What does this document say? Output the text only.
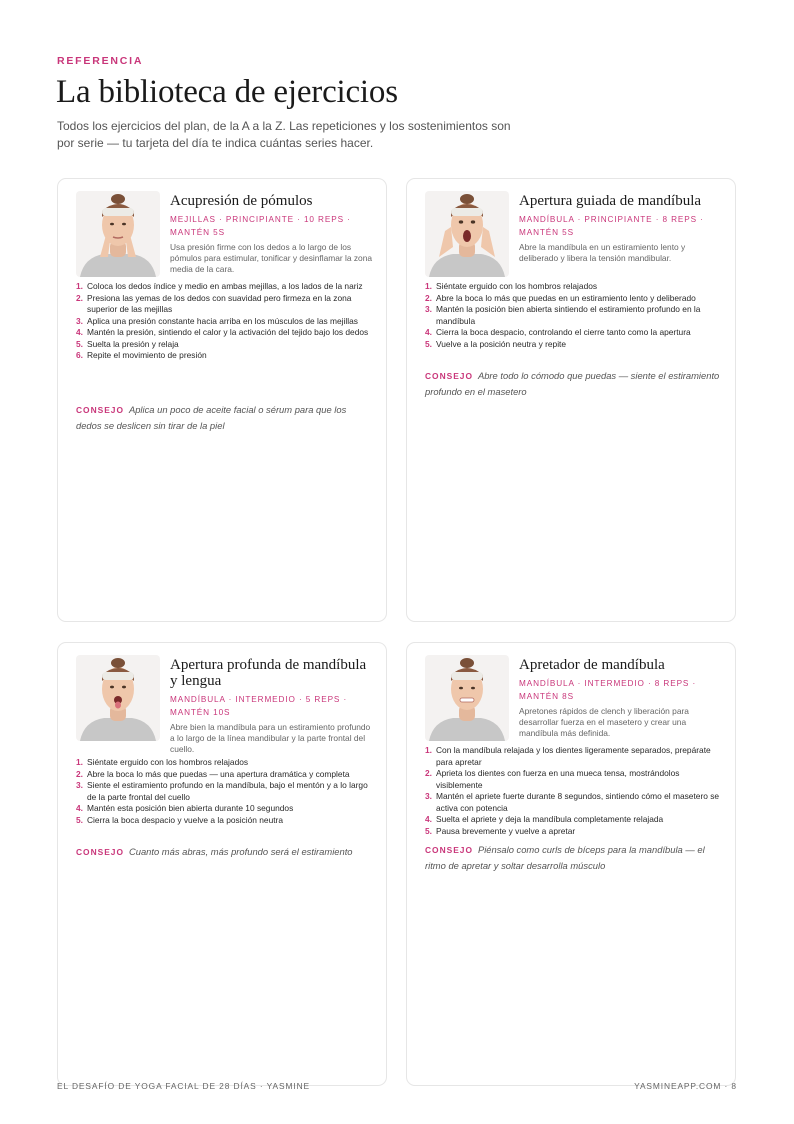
REFERENCIA
La biblioteca de ejercicios

Todos los ejercicios del plan, de la A a la Z. Las repeticiones y los sostenimientos son por serie — tu tarjeta del día te indica cuántas series hacer.

Acupresión de pómulos
MEJILLAS · PRINCIPIANTE · 10 REPS · MANTÉN 5S
Usa presión firme con los dedos a lo largo de los pómulos para estimular, tonificar y desinflamar la zona media de la cara.
1. Coloca los dedos índice y medio en ambas mejillas, a los lados de la nariz
2. Presiona las yemas de los dedos con suavidad pero firmeza en la zona superior de las mejillas
3. Aplica una presión constante hacia arriba en los músculos de las mejillas
4. Mantén la presión, sintiendo el calor y la activación del tejido bajo los dedos
5. Suelta la presión y relaja
6. Repite el movimiento de presión
CONSEJO Aplica un poco de aceite facial o sérum para que los dedos se deslicen sin tirar de la piel
Apertura guiada de mandíbula
MANDÍBULA · PRINCIPIANTE · 8 REPS · MANTÉN 5S
Abre la mandíbula en un estiramiento lento y deliberado y libera la tensión mandibular.
1. Siéntate erguido con los hombros relajados
2. Abre la boca lo más que puedas en un estiramiento lento y deliberado
3. Mantén la posición bien abierta sintiendo el estiramiento profundo en la mandíbula
4. Cierra la boca despacio, controlando el cierre tanto como la apertura
5. Vuelve a la posición neutra y repite
CONSEJO Abre todo lo cómodo que puedas — siente el estiramiento profundo en el masetero
Apertura profunda de mandíbula y lengua
MANDÍBULA · INTERMEDIO · 5 REPS · MANTÉN 10S
Abre bien la mandíbula para un estiramiento profundo a lo largo de la línea mandibular y la parte frontal del cuello.
1. Siéntate erguido con los hombros relajados
2. Abre la boca lo más que puedas — una apertura dramática y completa
3. Siente el estiramiento profundo en la mandíbula, bajo el mentón y a lo largo de la parte frontal del cuello
4. Mantén esta posición bien abierta durante 10 segundos
5. Cierra la boca despacio y vuelve a la posición neutra
CONSEJO Cuanto más abras, más profundo será el estiramiento
Apretador de mandíbula
MANDÍBULA · INTERMEDIO · 8 REPS · MANTÉN 8S
Apretones rápidos de clench y liberación para desarrollar fuerza en el masetero y crear una mandíbula más definida.
1. Con la mandíbula relajada y los dientes ligeramente separados, prepárate para apretar
2. Aprieta los dientes con fuerza en una mueca tensa, mostrándolos visiblemente
3. Mantén el apriete fuerte durante 8 segundos, sintiendo cómo el masetero se activa con potencia
4. Suelta el apriete y deja la mandíbula completamente relajada
5. Pausa brevemente y vuelve a apretar
CONSEJO Piénsalo como curls de bíceps para la mandíbula — el ritmo de apretar y soltar desarrolla músculo
EL DESAFÍO DE YOGA FACIAL DE 28 DÍAS · YASMINE	YASMINEAPP.COM · 8
